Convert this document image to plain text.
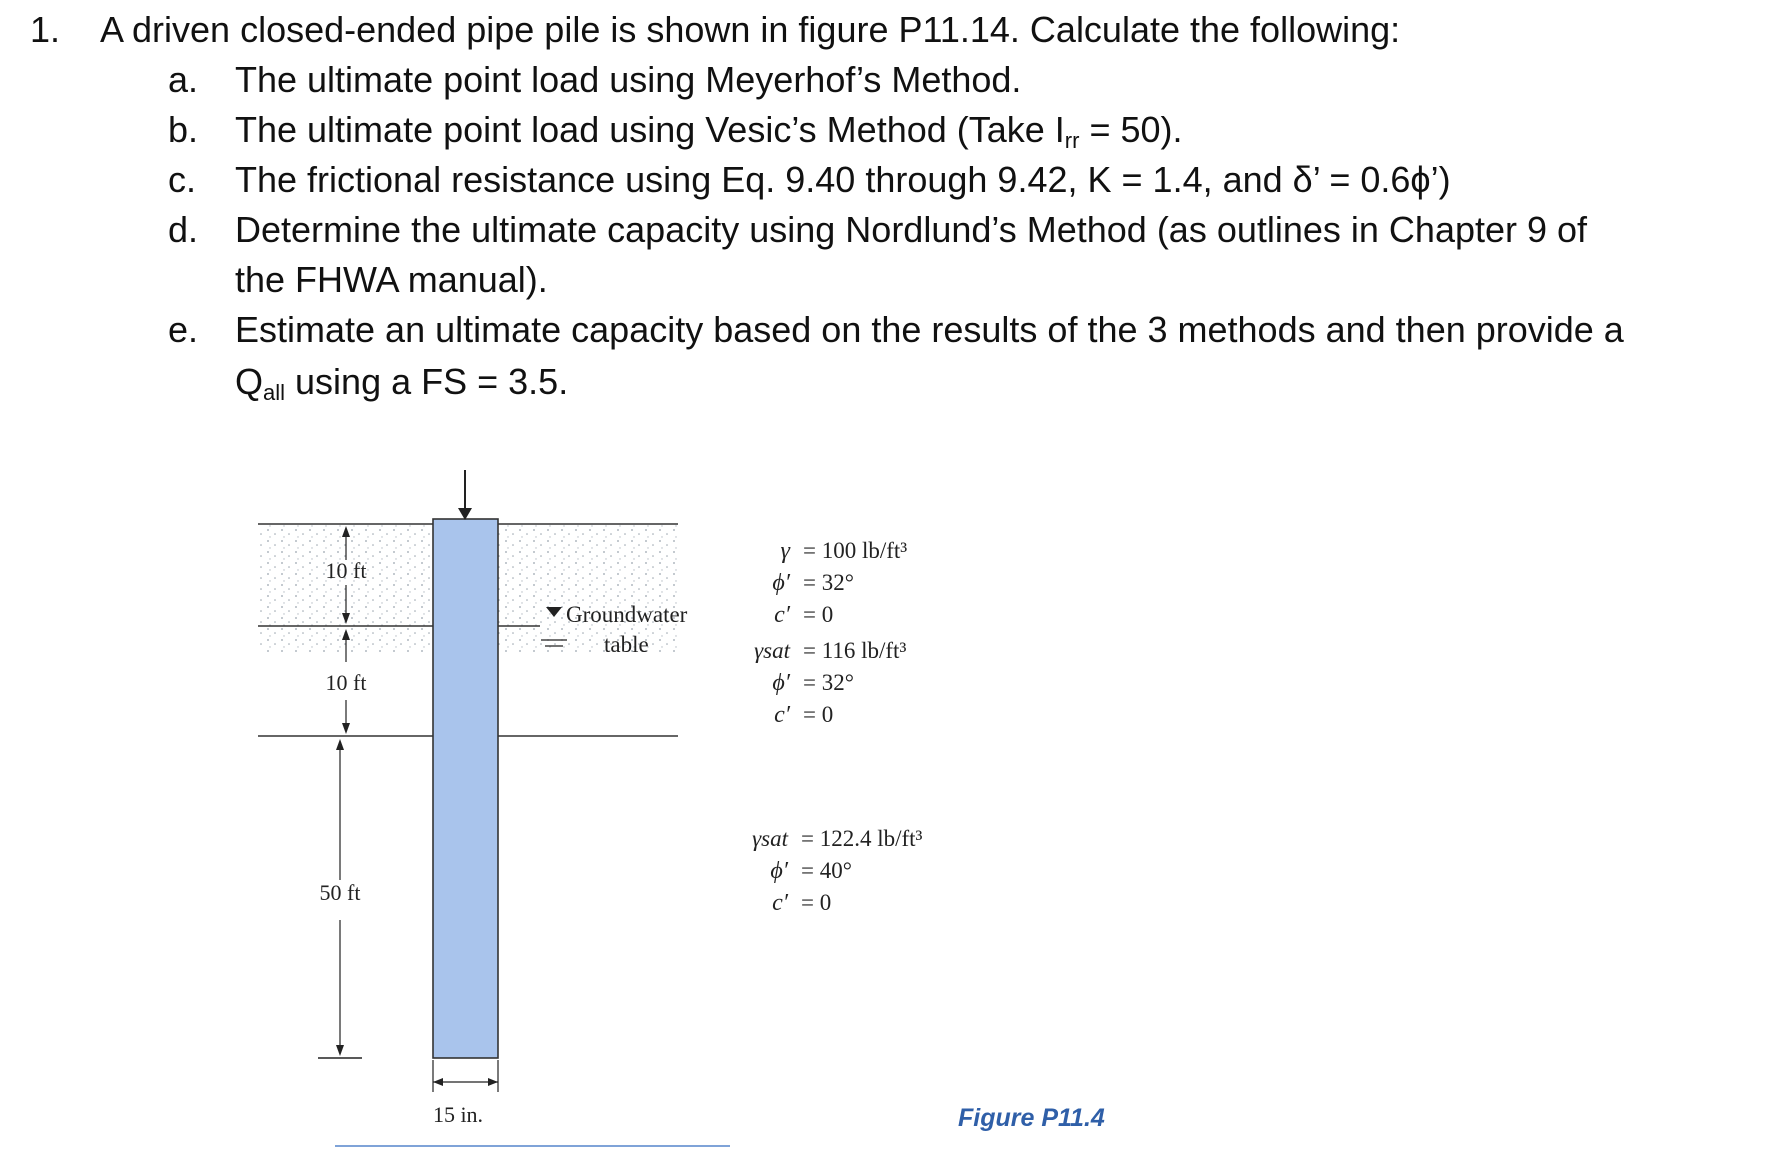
1. A driven closed-ended pipe pile is shown in figure P11.14. Calculate the following:
a. The ultimate point load using Meyerhof’s Method.
b. The ultimate point load using Vesic’s Method (Take $I_{rr} = 50$).
c. The frictional resistance using Eq. 9.40 through 9.42, K = 1.4, and δ’ = 0.6ϕ’)
d. Determine the ultimate capacity using Nordlund’s Method (as outlines in Chapter 9 of
the FHWA manual).
e. Estimate an ultimate capacity based on the results of the 3 methods and then provide a
$Q_{all}$ using a FS = 3.5.
10 ft
10 ft
50 ft
15 in.
Groundwater
table
γ = 100 lb/ft³
ϕ′ = 32°
c′ = 0
γsat = 116 lb/ft³
ϕ′ = 32°
c′ = 0
γsat = 122.4 lb/ft³
ϕ′ = 40°
c′ = 0
Figure P11.4
